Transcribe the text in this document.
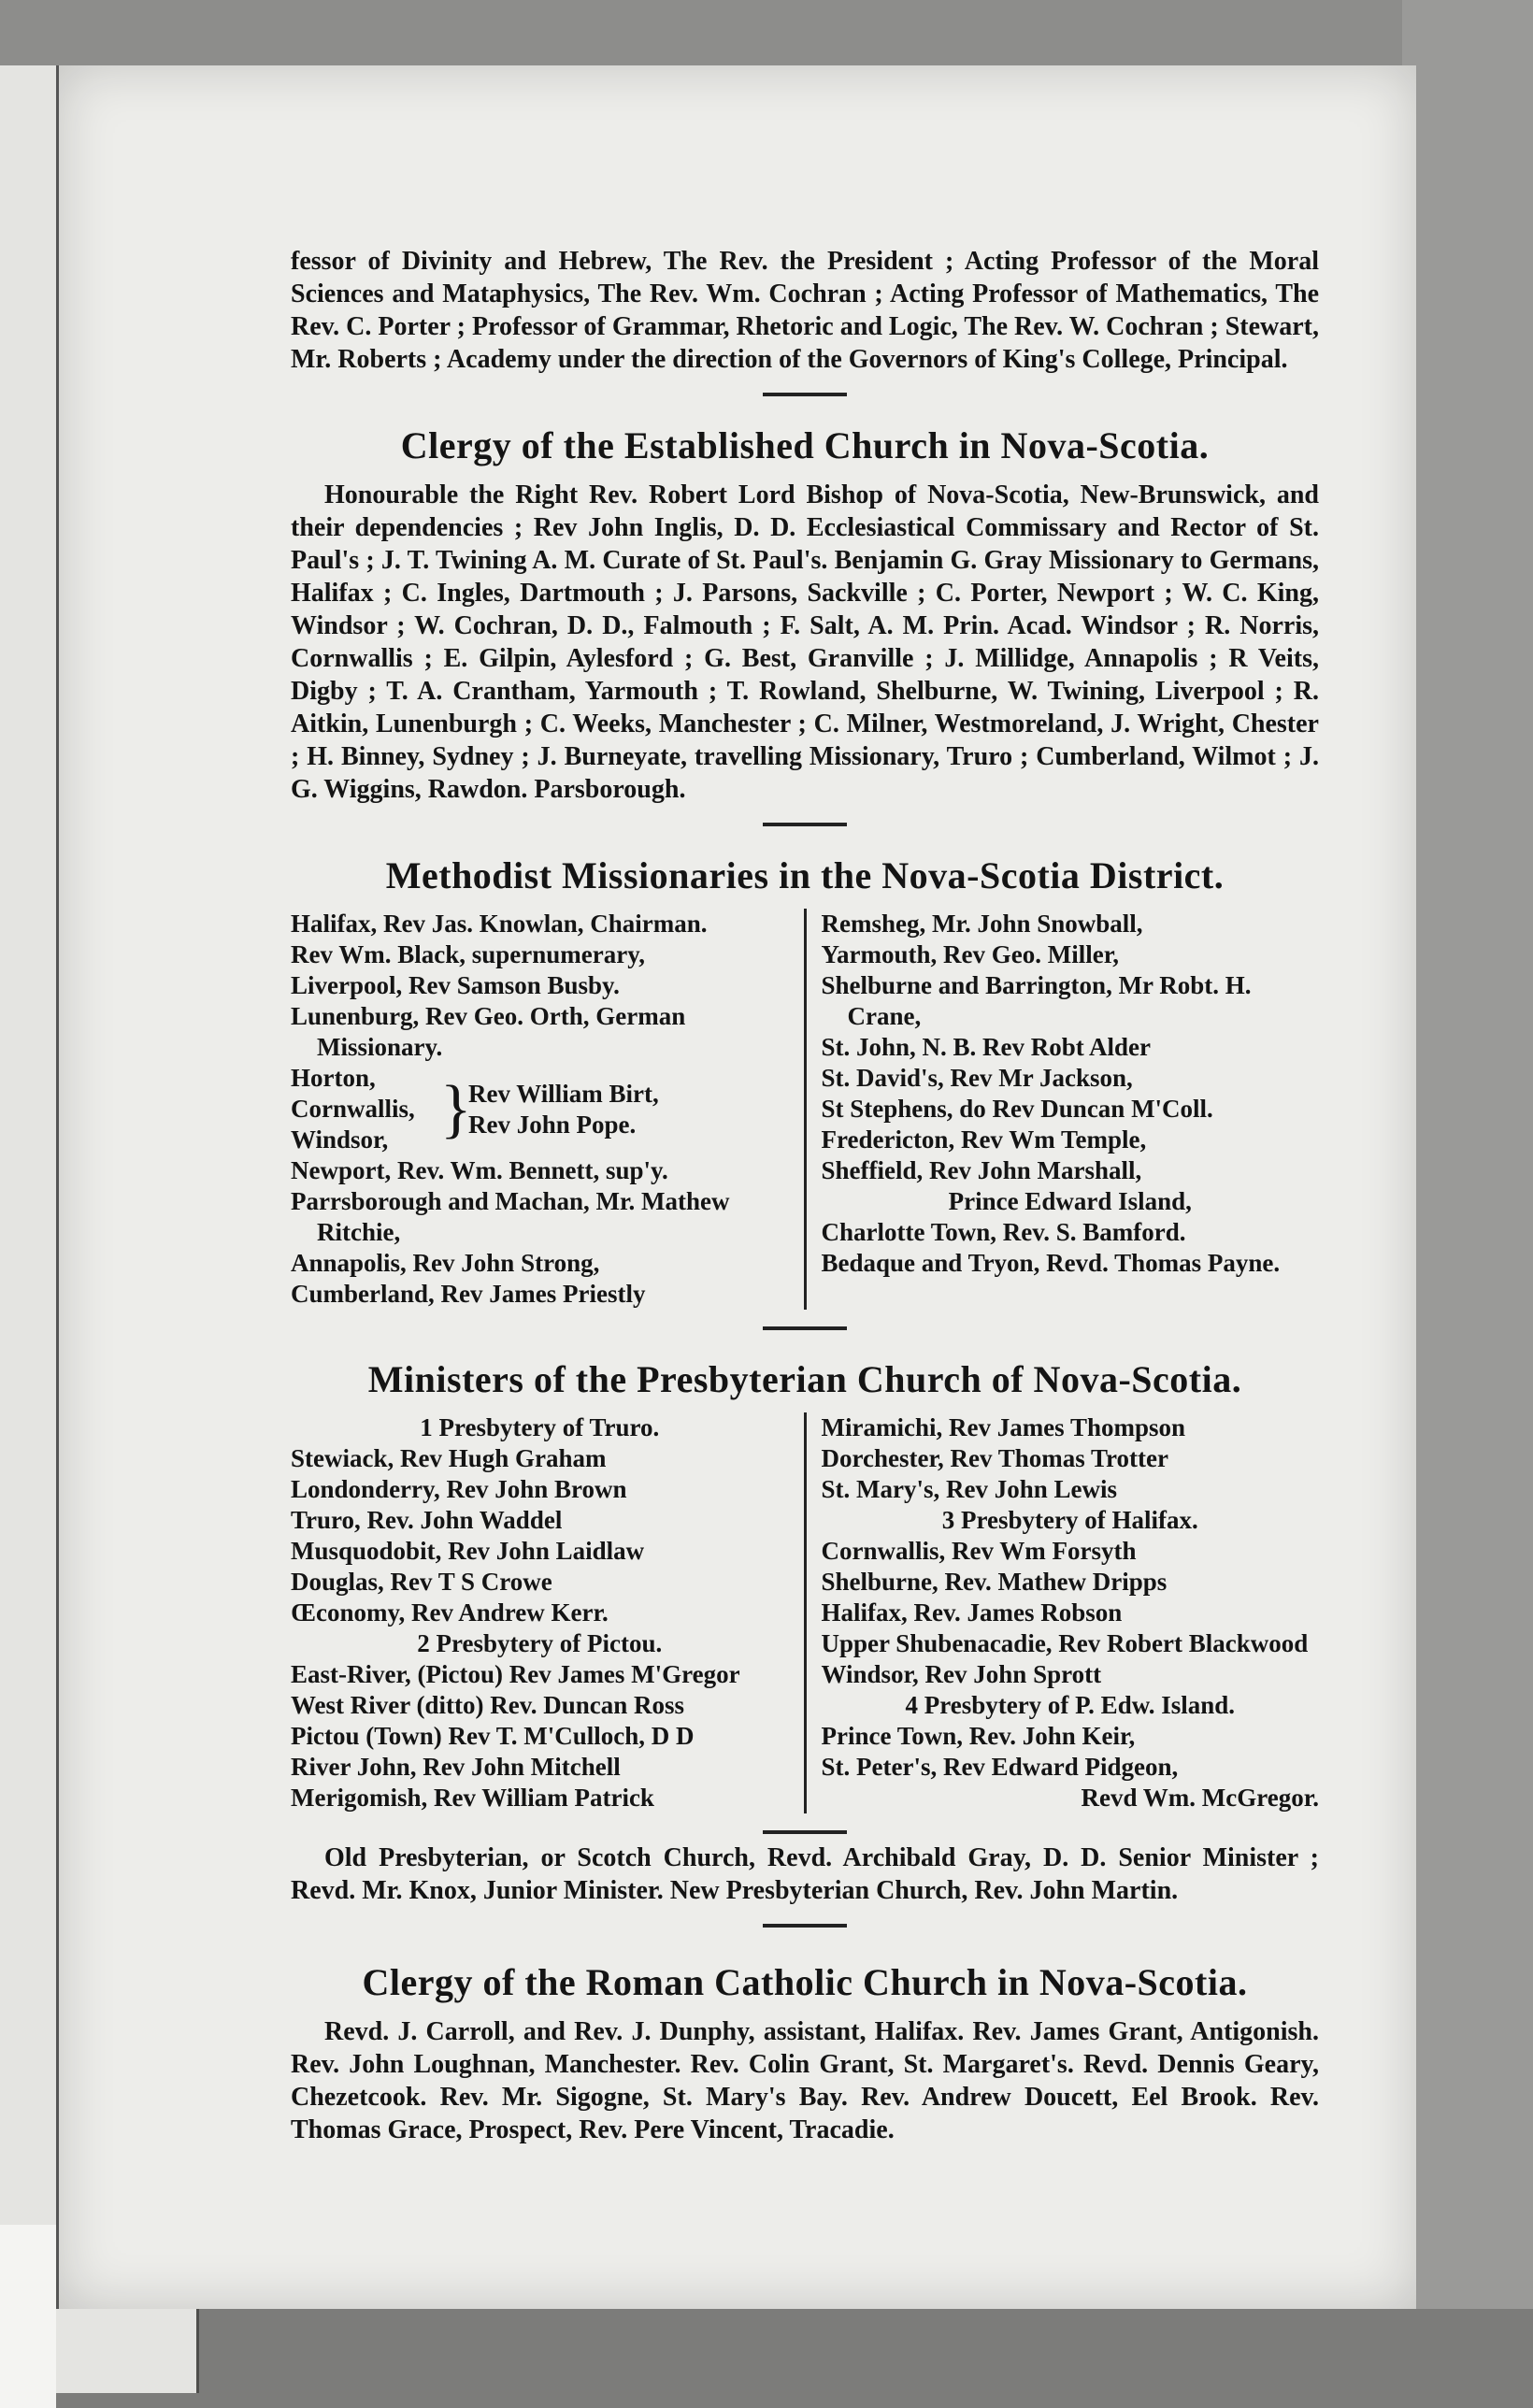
fessor of Divinity and Hebrew, The Rev. the President ; Acting Professor of the Moral Sciences and Mataphysics, The Rev. Wm. Cochran ; Acting Professor of Mathematics, The Rev. C. Porter ; Professor of Grammar, Rhetoric and Logic, The Rev. W. Cochran ; Stewart, Mr. Roberts ; Academy under the direction of the Governors of King's College, Principal.

Clergy of the Established Church in Nova-Scotia.

Honourable the Right Rev. Robert Lord Bishop of Nova-Scotia, New-Brunswick, and their dependencies ; Rev John Inglis, D. D. Ecclesiastical Commissary and Rector of St. Paul's ; J. T. Twining A. M. Curate of St. Paul's. Benjamin G. Gray Missionary to Germans, Halifax ; C. Ingles, Dartmouth ; J. Parsons, Sackville ; C. Porter, Newport ; W. C. King, Windsor ; W. Cochran, D. D., Falmouth ; F. Salt, A. M. Prin. Acad. Windsor ; R. Norris, Cornwallis ; E. Gilpin, Aylesford ; G. Best, Granville ; J. Millidge, Annapolis ; R Veits, Digby ; T. A. Crantham, Yarmouth ; T. Rowland, Shelburne, W. Twining, Liverpool ; R. Aitkin, Lunenburgh ; C. Weeks, Manchester ; C. Milner, Westmoreland, J. Wright, Chester ; H. Binney, Sydney ; J. Burneyate, travelling Missionary, Truro ; Cumberland, Wilmot ; J. G. Wiggins, Rawdon. Parsborough.

Methodist Missionaries in the Nova-Scotia District.
Halifax, Rev Jas. Knowlan, Chairman.
Rev Wm. Black, supernumerary,
Liverpool, Rev Samson Busby.
Lunenburg, Rev Geo. Orth, German Missionary.
Horton,
Cornwallis,
Windsor, }
Rev William Birt,
Rev John Pope.
Newport, Rev. Wm. Bennett, sup'y.
Parrsborough and Machan, Mr. Mathew Ritchie,
Annapolis, Rev John Strong,
Cumberland, Rev James Priestly
Remsheg, Mr. John Snowball,
Yarmouth, Rev Geo. Miller,
Shelburne and Barrington, Mr Robt. H. Crane,
St. John, N. B. Rev Robt Alder
St. David's, Rev Mr Jackson,
St Stephens, do Rev Duncan M'Coll.
Fredericton, Rev Wm Temple,
Sheffield, Rev John Marshall,
Prince Edward Island,
Charlotte Town, Rev. S. Bamford.
Bedaque and Tryon, Revd. Thomas Payne.
Ministers of the Presbyterian Church of Nova-Scotia.
1 Presbytery of Truro.
Stewiack, Rev Hugh Graham
Londonderry, Rev John Brown
Truro, Rev. John Waddel
Musquodobit, Rev John Laidlaw
Douglas, Rev T S Crowe
Œconomy, Rev Andrew Kerr.
2 Presbytery of Pictou.
East-River, (Pictou) Rev James M'Gregor
West River (ditto) Rev. Duncan Ross
Pictou (Town) Rev T. M'Culloch, D D
River John, Rev John Mitchell
Merigomish, Rev William Patrick
Miramichi, Rev James Thompson
Dorchester, Rev Thomas Trotter
St. Mary's, Rev John Lewis
3 Presbytery of Halifax.
Cornwallis, Rev Wm Forsyth
Shelburne, Rev. Mathew Dripps
Halifax, Rev. James Robson
Upper Shubenacadie, Rev Robert Blackwood
Windsor, Rev John Sprott
4 Presbytery of P. Edw. Island.
Prince Town, Rev. John Keir,
St. Peter's, Rev Edward Pidgeon,
Revd Wm. McGregor.

Old Presbyterian, or Scotch Church, Revd. Archibald Gray, D. D. Senior Minister ; Revd. Mr. Knox, Junior Minister. New Presbyterian Church, Rev. John Martin.

Clergy of the Roman Catholic Church in Nova-Scotia.

Revd. J. Carroll, and Rev. J. Dunphy, assistant, Halifax. Rev. James Grant, Antigonish. Rev. John Loughnan, Manchester. Rev. Colin Grant, St. Margaret's. Revd. Dennis Geary, Chezetcook. Rev. Mr. Sigogne, St. Mary's Bay. Rev. Andrew Doucett, Eel Brook. Rev. Thomas Grace, Prospect, Rev. Pere Vincent, Tracadie.
